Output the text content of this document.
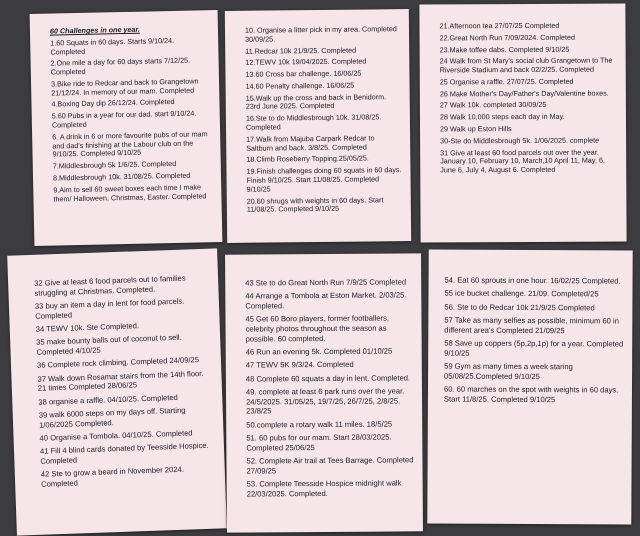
60 Challenges in one year.
1.60 Squats in 60 days. Starts 9/10/24. Completed
2.One mile a day for 60 days starts 7/12/25. Completed
3.Bike ride to Redcar and back to Grangetown 21/12/24. In memory of our mam. Completed
4.Boxing Day dip 26/12/24. Completed
5.60 Pubs in a year for our dad. start 9/10/24. Completed
6. A drink in 6 or more favourite pubs of our mam and dad's finishing at the Labour club on the 9/10/25. Completed 9/10/25
7.Middlesbrough 5k 1/6/25. Completed
8.Middlesbrough 10k. 31/08/25. Completed
9.Aim to sell 60 sweet boxes each time I make them/ Halloween, Christmas, Easter. Completed
10. Organise a litter pick in my area. Completed 30/09/25.
11.Redcar 10k 21/9/25. Completed
12.TEWV 10k 19/04/2025. Completed
13.60 Cross bar challenge. 16/06/25
14.60 Penalty challenge. 16/06/25
15.Walk up the cross and back in Benidorm. 23rd June 2025. Completed
16.Ste to do Middlesbrough 10k. 31/08/25. Completed
17.Walk from Majuba Carpark Redcar to Saltburn and back. 3/8/25. Completed
18.Climb Roseberry Topping.25/05/25.
19.Finish challenges doing 60 squats in 60 days. Finish 9/10/25. Start 11/08/25. Completed 9/10/25
20.60 shrugs with weights in 60 days. Start 11/08/25. Completed 9/10/25
21.Afternoon tea 27/07/25 Completed
22.Great North Run 7/09/2024. Completed
23.Make toffee dabs. Completed 9/10/25
24 Walk from St Mary's social club Grangetown to The Riverside Stadium and back 02/2/25. Completed
25 Organise a raffle. 27/07/25. Completed
26 Make Mother's Day/Father's Day/Valentine boxes.
27 Walk 10k. completed 30/09/25
28 Walk 10,000 steps each day in May.
29 Walk up Eston Hills
30-Ste do Middlesbrough 5k. 1/06/2025. complete
31 Give at least 60 food parcels out over the year. January 10, February 10, March,10 April 11, May, 6, June 6, July 4, August 6. Completed
32 Give at least 6 food parcels out to families struggling at Christmas. Completed.
33 buy an item a day in lent for food parcels. Completed
34 TEWV 10k. Ste Completed.
35 make bounty balls out of coconut to sell. Completed 4/10/25
36 Complete rock climbing. Completed 24/09/25
37 Walk down Rosamar stairs from the 14th floor. 21 times Completed 28/06/25
38 organise a raffle. 04/10/25. Completed
39 walk 6000 steps on my days off. Starting 1/06/2025 Completed.
40 Organise a Tombola. 04/10/25. Completed
41 Fill 4 blind cards donated by Teesside Hospice. Completed
42 Ste to grow a beard in November 2024. Completed
43 Ste to do Great North Run 7/9/25 Completed
44 Arrange a Tombola at Eston Market. 2/03/25. Completed.
45 Get 60 Boro players, former footballers, celebrity photos throughout the season as possible. 60 completed.
46 Run an evening 5k. Completed 01/10/25
47 TEWV 5K 9/3/24. Completed
48 Complete 60 squats a day in lent. Completed.
49. complete at least 6 park runs over the year. 24/5/2025. 31/05/25, 19/7/25, 26/7/25, 2/8/25. 23/8/25
50.complete a rotary walk 11 miles. 18/5/25
51. 60 pubs for our mam. Start 28/03/2025. Completed 25/06/25
52. Complete Air trail at Tees Barrage. Completed 27/09/25
53. Complete Teesside Hospice midnight walk 22/03/2025. Completed.
54. Eat 60 sprouts in one hour. 16/02/25 Completed.
55 ice bucket challenge. 21/09. Completed/25
56. Ste to do Redcar 10k 21/9/25 Completed
57 Take as many selfies as possible, minimum 60 in different area's Completed 21/09/25
58 Save up coppers (5p,2p,1p) for a year. Completed 9/10/25
59 Gym as many times a week staring 05/08/25.Completed 9/10/25
60. 60 marches on the spot with weights in 60 days. Start 11/8/25. Completed 9/10/25
